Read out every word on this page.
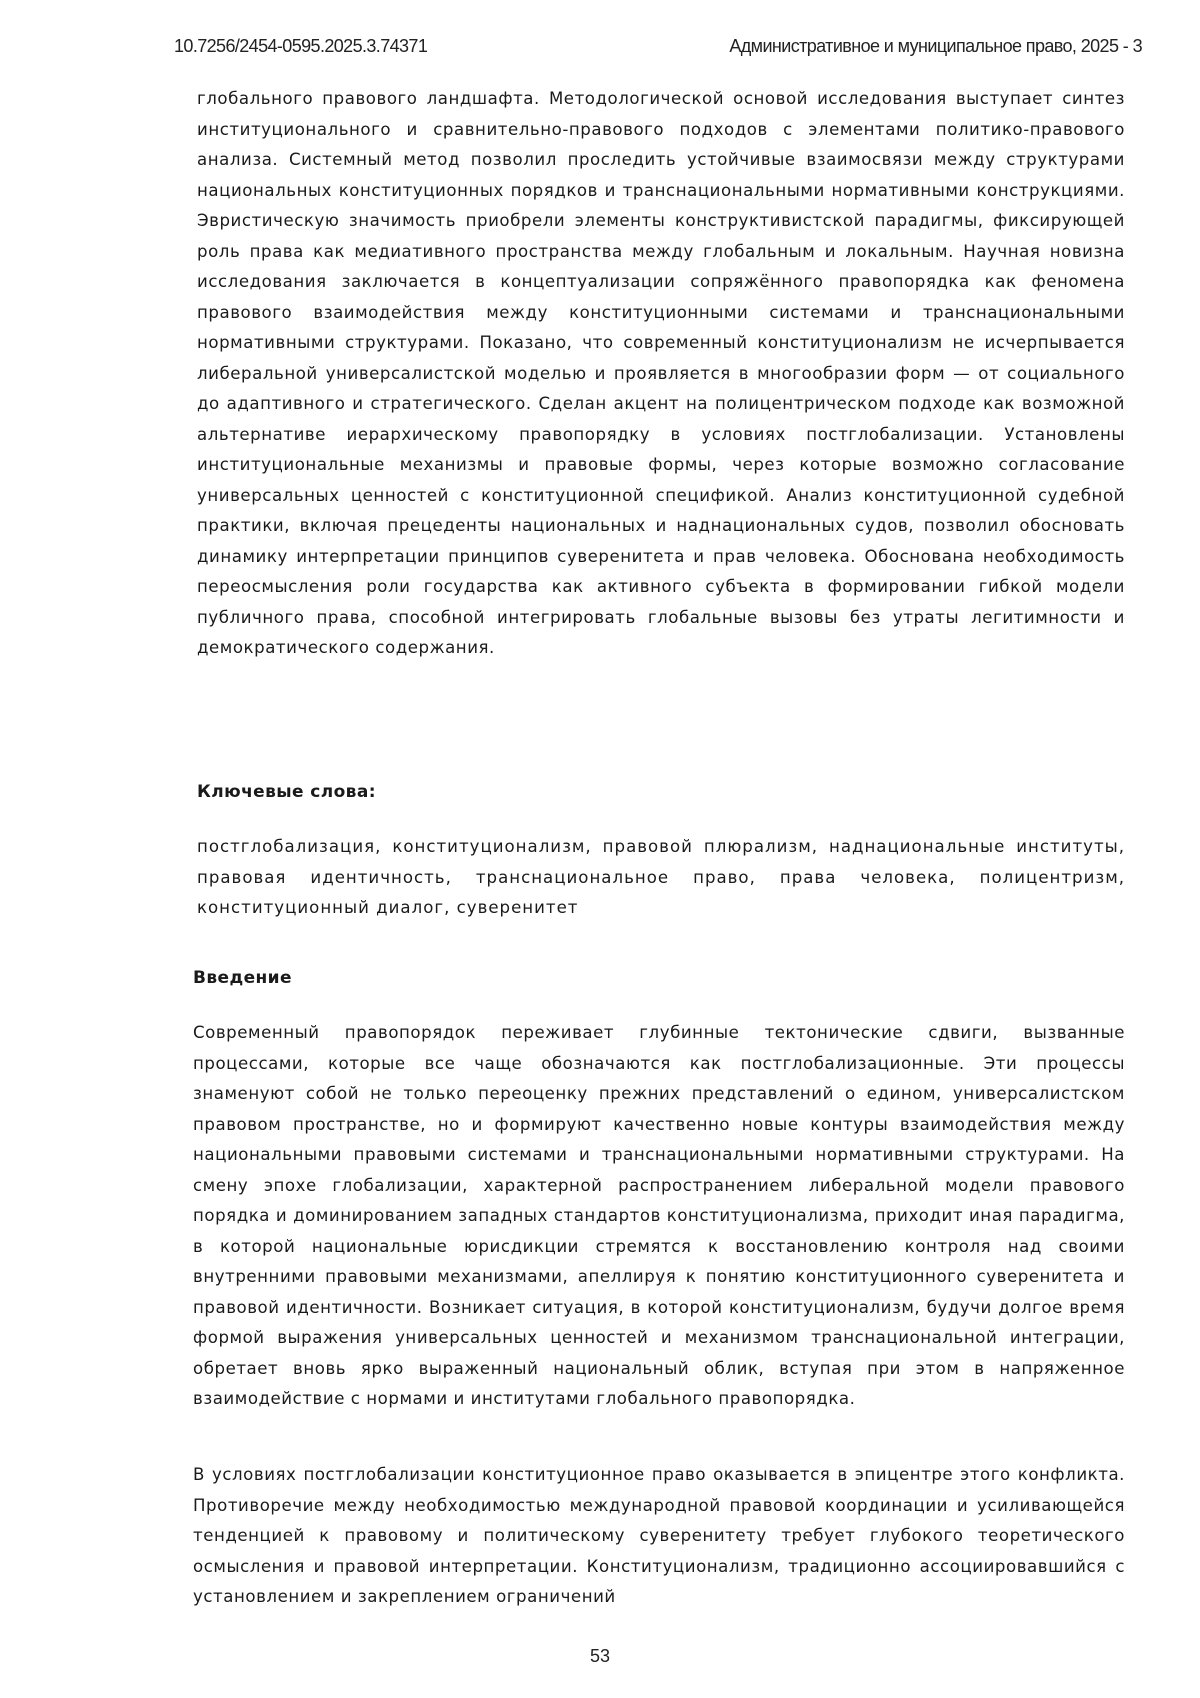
10.7256/2454-0595.2025.3.74371	Административное и муниципальное право, 2025 - 3

глобального правового ландшафта. Методологической основой исследования выступает синтез институционального и сравнительно-правового подходов с элементами политико-правового анализа. Системный метод позволил проследить устойчивые взаимосвязи между структурами национальных конституционных порядков и транснациональными нормативными конструкциями. Эвристическую значимость приобрели элементы конструктивистской парадигмы, фиксирующей роль права как медиативного пространства между глобальным и локальным. Научная новизна исследования заключается в концептуализации сопряжённого правопорядка как феномена правового взаимодействия между конституционными системами и транснациональными нормативными структурами. Показано, что современный конституционализм не исчерпывается либеральной универсалистской моделью и проявляется в многообразии форм — от социального до адаптивного и стратегического. Сделан акцент на полицентрическом подходе как возможной альтернативе иерархическому правопорядку в условиях постглобализации. Установлены институциональные механизмы и правовые формы, через которые возможно согласование универсальных ценностей с конституционной спецификой. Анализ конституционной судебной практики, включая прецеденты национальных и наднациональных судов, позволил обосновать динамику интерпретации принципов суверенитета и прав человека. Обоснована необходимость переосмысления роли государства как активного субъекта в формировании гибкой модели публичного права, способной интегрировать глобальные вызовы без утраты легитимности и демократического содержания.

Ключевые слова:

постглобализация, конституционализм, правовой плюрализм, наднациональные институты, правовая идентичность, транснациональное право, права человека, полицентризм, конституционный диалог, суверенитет

Введение

Современный правопорядок переживает глубинные тектонические сдвиги, вызванные процессами, которые все чаще обозначаются как постглобализационные. Эти процессы знаменуют собой не только переоценку прежних представлений о едином, универсалистском правовом пространстве, но и формируют качественно новые контуры взаимодействия между национальными правовыми системами и транснациональными нормативными структурами. На смену эпохе глобализации, характерной распространением либеральной модели правового порядка и доминированием западных стандартов конституционализма, приходит иная парадигма, в которой национальные юрисдикции стремятся к восстановлению контроля над своими внутренними правовыми механизмами, апеллируя к понятию конституционного суверенитета и правовой идентичности. Возникает ситуация, в которой конституционализм, будучи долгое время формой выражения универсальных ценностей и механизмом транснациональной интеграции, обретает вновь ярко выраженный национальный облик, вступая при этом в напряженное взаимодействие с нормами и институтами глобального правопорядка.

В условиях постглобализации конституционное право оказывается в эпицентре этого конфликта. Противоречие между необходимостью международной правовой координации и усиливающейся тенденцией к правовому и политическому суверенитету требует глубокого теоретического осмысления и правовой интерпретации. Конституционализм, традиционно ассоциировавшийся с установлением и закреплением ограничений

53
